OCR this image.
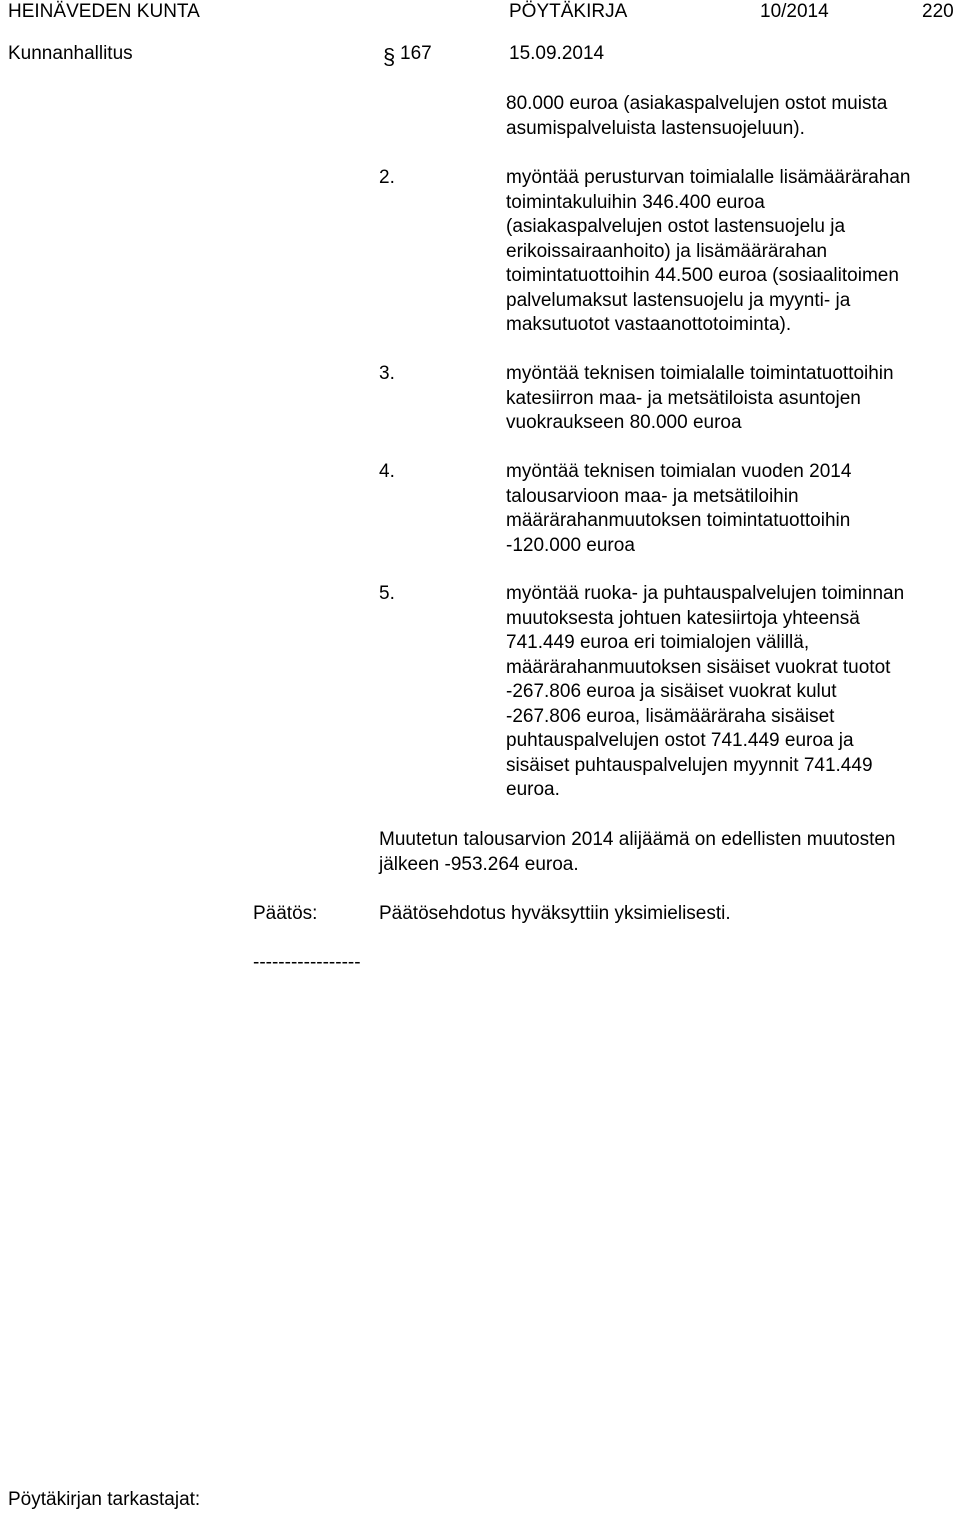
HEINÄVEDEN KUNTA	PÖYTÄKIRJA	10/2014	220
Kunnanhallitus	§ 167	15.09.2014
80.000 euroa (asiakaspalvelujen ostot muista
asumispalveluista lastensuojeluun).
2.	myöntää perusturvan toimialalle lisämäärärahan
toimintakuluihin 346.400 euroa
(asiakaspalvelujen ostot lastensuojelu ja
erikoissairaanhoito) ja lisämäärärahan
toimintatuottoihin 44.500 euroa (sosiaalitoimen
palvelumaksut lastensuojelu ja myynti- ja
maksutuotot vastaanottotoiminta).
3.	myöntää teknisen toimialalle toimintatuottoihin
katesiirron maa- ja metsätiloista asuntojen
vuokraukseen 80.000 euroa
4.	myöntää teknisen toimialan vuoden 2014
talousarvioon maa- ja metsätiloihin
määrärahanmuutoksen toimintatuottoihin
-120.000 euroa
5.	myöntää ruoka- ja puhtauspalvelujen toiminnan
muutoksesta johtuen katesiirtoja yhteensä
741.449 euroa eri toimialojen välillä,
määrärahanmuutoksen sisäiset vuokrat tuotot
-267.806 euroa ja sisäiset vuokrat kulut
-267.806 euroa, lisämääräraha sisäiset
puhtauspalvelujen ostot 741.449 euroa ja
sisäiset puhtauspalvelujen myynnit 741.449
euroa.
Muutetun talousarvion 2014 alijäämä on edellisten muutosten
jälkeen -953.264 euroa.
Päätös:	Päätösehdotus hyväksyttiin yksimielisesti.
-----------------
Pöytäkirjan tarkastajat:
